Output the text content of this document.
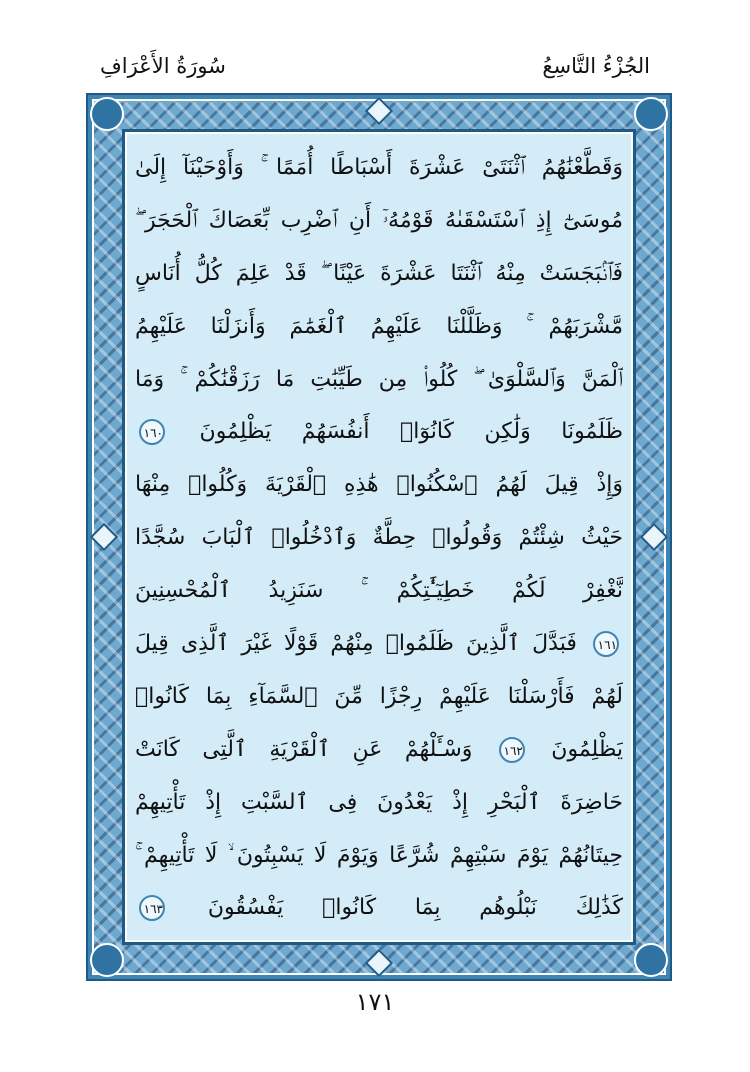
الجُزْءُ التَّاسِعُ
سُورَةُ الأَعْرَافِ
وَقَطَّعْنَٰهُمُ ٱثْنَتَىْ عَشْرَةَ أَسْبَاطًا أُمَمًا ۚ وَأَوْحَيْنَآ إِلَىٰ
مُوسَىٰٓ إِذِ ٱسْتَسْقَىٰهُ قَوْمُهُۥٓ أَنِ ٱضْرِب بِّعَصَاكَ ٱلْحَجَرَ ۖ
فَٱنۢبَجَسَتْ مِنْهُ ٱثْنَتَا عَشْرَةَ عَيْنًا ۖ قَدْ عَلِمَ كُلُّ أُنَاسٍ
مَّشْرَبَهُمْ ۚ وَظَلَّلْنَا عَلَيْهِمُ ٱلْغَمَٰمَ وَأَنزَلْنَا عَلَيْهِمُ
ٱلْمَنَّ وَٱلسَّلْوَىٰ ۖ كُلُوا۟ مِن طَيِّبَٰتِ مَا رَزَقْنَٰكُمْ ۚ وَمَا
ظَلَمُونَا وَلَٰكِن كَانُوٓا۟ أَنفُسَهُمْ يَظْلِمُونَ ١٦٠
وَإِذْ قِيلَ لَهُمُ ٱسْكُنُوا۟ هَٰذِهِ ٱلْقَرْيَةَ وَكُلُوا۟ مِنْهَا
حَيْثُ شِئْتُمْ وَقُولُوا۟ حِطَّةٌ وَٱدْخُلُوا۟ ٱلْبَابَ سُجَّدًا
نَّغْفِرْ لَكُمْ خَطِيٓـَٰٔتِكُمْ ۚ سَنَزِيدُ ٱلْمُحْسِنِينَ
١٦١ فَبَدَّلَ ٱلَّذِينَ ظَلَمُوا۟ مِنْهُمْ قَوْلًا غَيْرَ ٱلَّذِى قِيلَ
لَهُمْ فَأَرْسَلْنَا عَلَيْهِمْ رِجْزًا مِّنَ ٱلسَّمَآءِ بِمَا كَانُوا۟
يَظْلِمُونَ ١٦٢ وَسْـَٔلْهُمْ عَنِ ٱلْقَرْيَةِ ٱلَّتِى كَانَتْ
حَاضِرَةَ ٱلْبَحْرِ إِذْ يَعْدُونَ فِى ٱلسَّبْتِ إِذْ تَأْتِيهِمْ
حِيتَانُهُمْ يَوْمَ سَبْتِهِمْ شُرَّعًا وَيَوْمَ لَا يَسْبِتُونَ ۙ لَا تَأْتِيهِمْ ۚ
كَذَٰلِكَ نَبْلُوهُم بِمَا كَانُوا۟ يَفْسُقُونَ ١٦٣
١٧١
